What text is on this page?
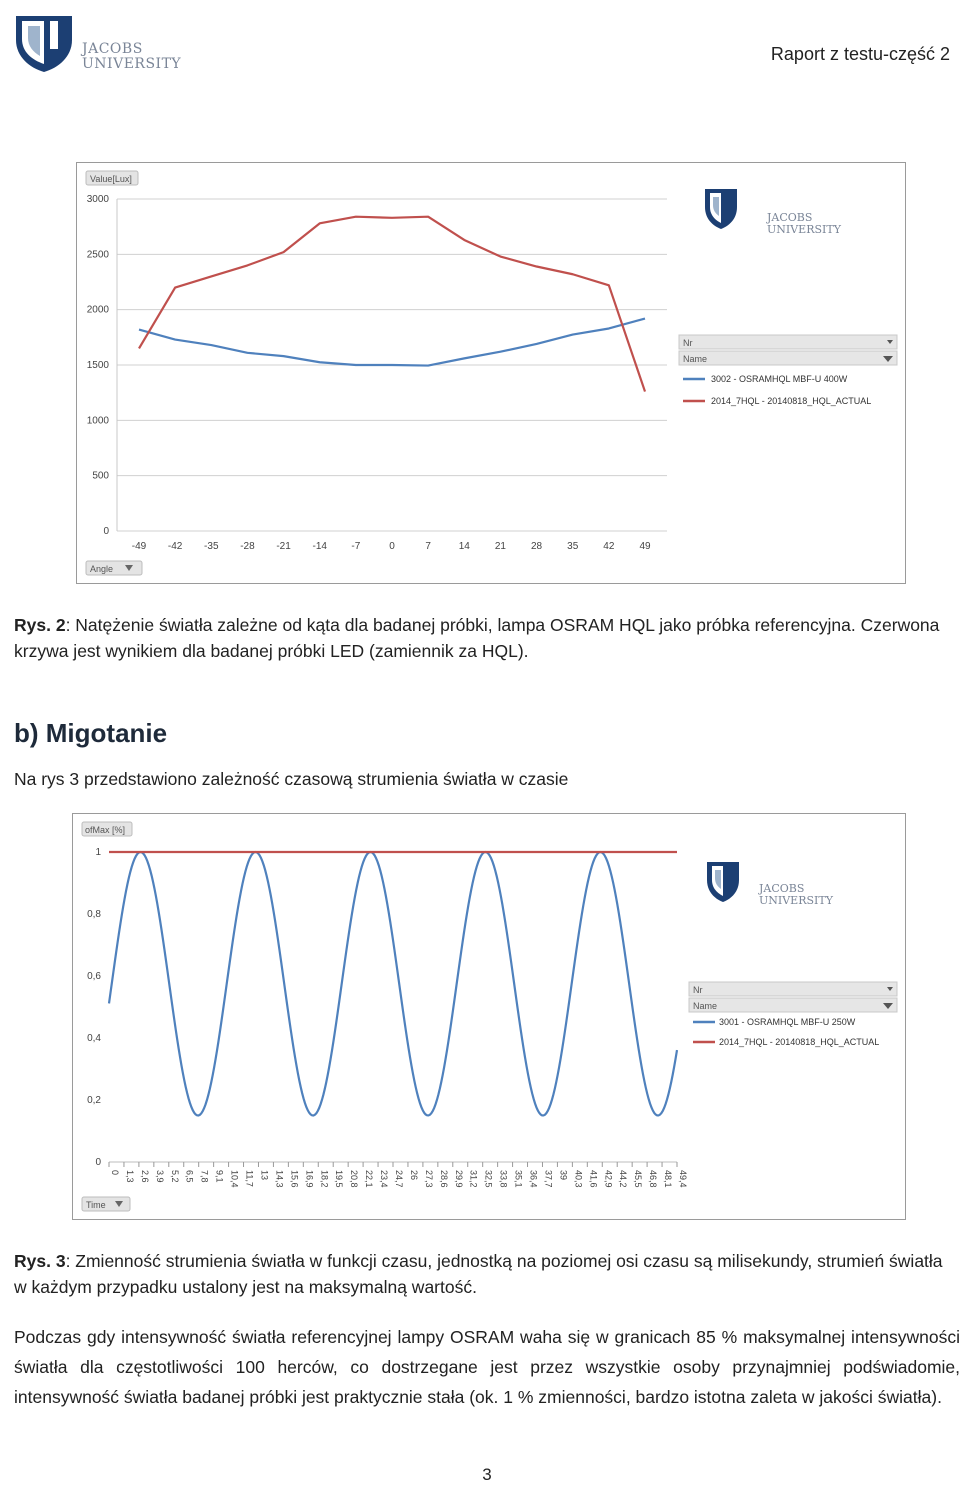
JACOBS
UNIVERSITY	Raport z testu-część 2
0
500
1000
1500
2000
2500
3000
-49 -42 -35 -28 -21 -14 -7	0	7	14	21	28	35	42	49
Value[Lux]
Angle
JACOBS
UNIVERSITY
Nr
Name
3002 - OSRAMHQL MBF-U 400W
2014_7HQL - 20140818_HQL_ACTUAL
Rys. 2: Natężenie światła zależne od kąta dla badanej próbki, lampa OSRAM HQL jako próbka referencyjna. Czerwona krzywa jest wynikiem dla badanej próbki LED (zamiennik za HQL).
b) Migotanie
Na rys 3 przedstawiono zależność czasową strumienia światła w czasie
0
0,2
0,4
0,6
0,8
1
0 1,3 2,6 3,9 5,2 6,5 7,8 9,1 10,4 11,7 13 14,3 15,6 16,9 18,2 19,5 20,8 22,1 23,4 24,7 26 27,3 28,6 29,9 31,2 32,5 33,8 35,1 36,4 37,7 39 40,3 41,6 42,9 44,2 45,5 46,8 48,1 49,4
ofMax [%]
Time
JACOBS
UNIVERSITY
Nr
Name
3001 - OSRAMHQL MBF-U 250W
2014_7HQL - 20140818_HQL_ACTUAL
Rys. 3: Zmienność strumienia światła w funkcji czasu, jednostką na poziomej osi czasu są milisekundy, strumień światła w każdym przypadku ustalony jest na maksymalną wartość.
Podczas gdy intensywność światła referencyjnej lampy OSRAM waha się w granicach 85 % maksymalnej intensywności światła dla częstotliwości 100 herców, co dostrzegane jest przez wszystkie osoby przynajmniej podświadomie, intensywność światła badanej próbki jest praktycznie stała (ok. 1 % zmienności, bardzo istotna zaleta w jakości światła).
3
